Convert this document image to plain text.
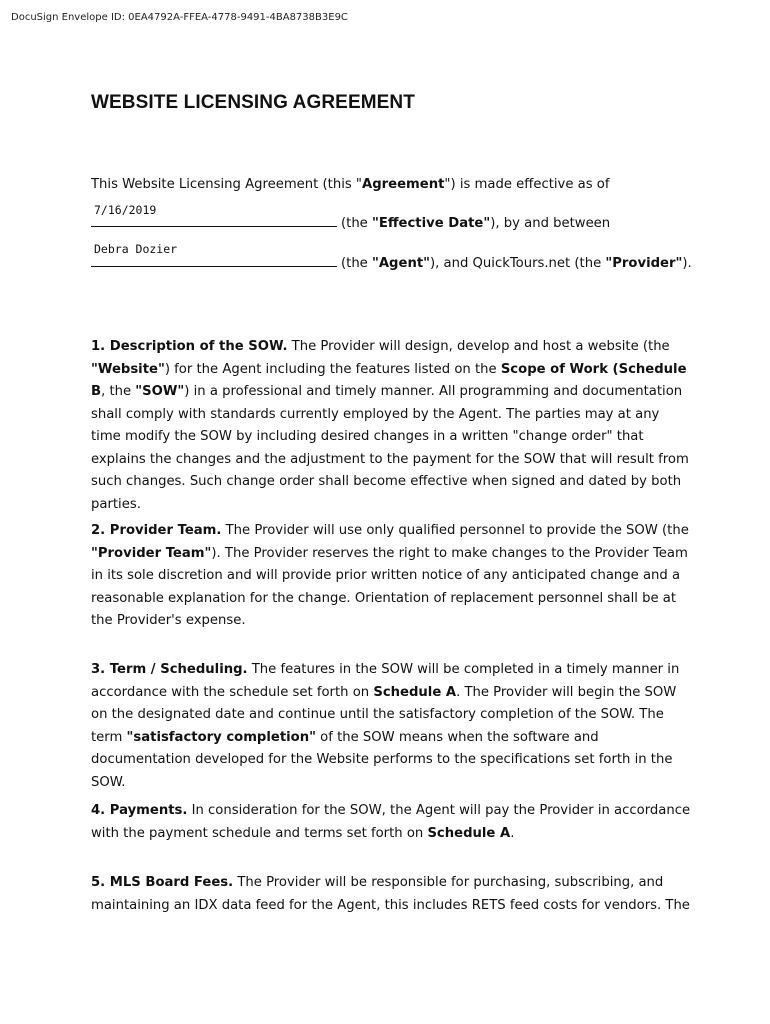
DocuSign Envelope ID: 0EA4792A-FFEA-4778-9491-4BA8738B3E9C
WEBSITE LICENSING AGREEMENT
This Website Licensing Agreement (this "Agreement") is made effective as of
7/16/2019
(the "Effective Date"), by and between
Debra Dozier
(the "Agent"), and QuickTours.net (the "Provider").

1. Description of the SOW. The Provider will design, develop and host a website (the "Website") for the Agent including the features listed on the Scope of Work (Schedule B, the "SOW") in a professional and timely manner. All programming and documentation shall comply with standards currently employed by the Agent. The parties may at any time modify the SOW by including desired changes in a written "change order" that explains the changes and the adjustment to the payment for the SOW that will result from such changes. Such change order shall become effective when signed and dated by both parties.

2. Provider Team. The Provider will use only qualified personnel to provide the SOW (the "Provider Team"). The Provider reserves the right to make changes to the Provider Team in its sole discretion and will provide prior written notice of any anticipated change and a reasonable explanation for the change. Orientation of replacement personnel shall be at the Provider's expense.

3. Term / Scheduling. The features in the SOW will be completed in a timely manner in accordance with the schedule set forth on Schedule A. The Provider will begin the SOW on the designated date and continue until the satisfactory completion of the SOW. The term "satisfactory completion" of the SOW means when the software and documentation developed for the Website performs to the specifications set forth in the SOW.

4. Payments. In consideration for the SOW, the Agent will pay the Provider in accordance with the payment schedule and terms set forth on Schedule A.

5. MLS Board Fees. The Provider will be responsible for purchasing, subscribing, and maintaining an IDX data feed for the Agent, this includes RETS feed costs for vendors. The
